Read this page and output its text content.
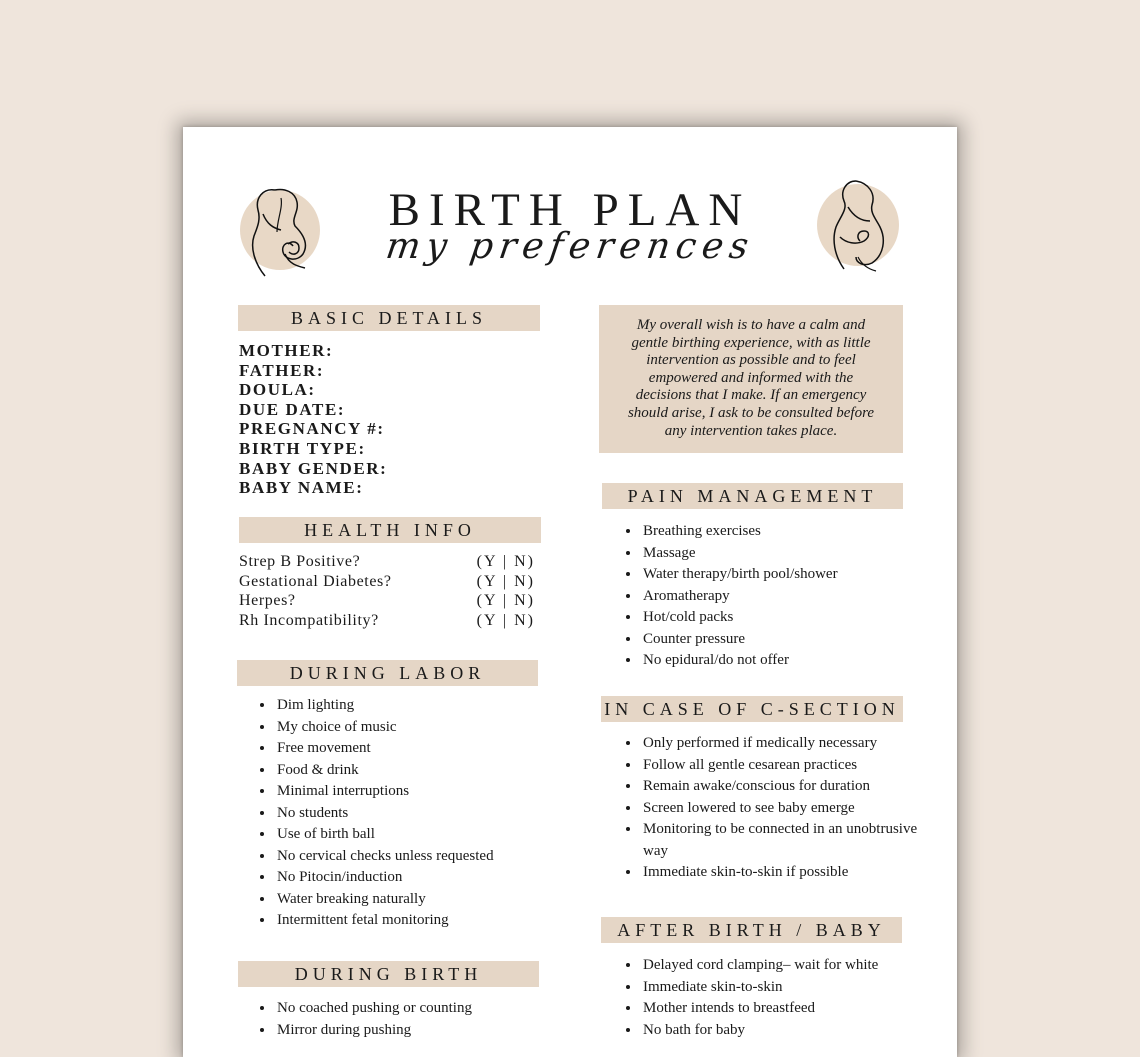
BIRTH PLAN
my preferences
BASIC DETAILS
MOTHER:
FATHER:
DOULA:
DUE DATE:
PREGNANCY #:
BIRTH TYPE:
BABY GENDER:
BABY NAME:
HEALTH INFO
Strep B Positive?	(Y | N)
Gestational Diabetes?	(Y | N)
Herpes?	(Y | N)
Rh Incompatibility?	(Y | N)
DURING LABOR
• Dim lighting
• My choice of music
• Free movement
• Food & drink
• Minimal interruptions
• No students
• Use of birth ball
• No cervical checks unless requested
• No Pitocin/induction
• Water breaking naturally
• Intermittent fetal monitoring
DURING BIRTH
• No coached pushing or counting
• Mirror during pushing
My overall wish is to have a calm and gentle birthing experience, with as little intervention as possible and to feel empowered and informed with the decisions that I make. If an emergency should arise, I ask to be consulted before any intervention takes place.
PAIN MANAGEMENT
• Breathing exercises
• Massage
• Water therapy/birth pool/shower
• Aromatherapy
• Hot/cold packs
• Counter pressure
• No epidural/do not offer
IN CASE OF C-SECTION
• Only performed if medically necessary
• Follow all gentle cesarean practices
• Remain awake/conscious for duration
• Screen lowered to see baby emerge
• Monitoring to be connected in an unobtrusive way
• Immediate skin-to-skin if possible
AFTER BIRTH / BABY
• Delayed cord clamping– wait for white
• Immediate skin-to-skin
• Mother intends to breastfeed
• No bath for baby
